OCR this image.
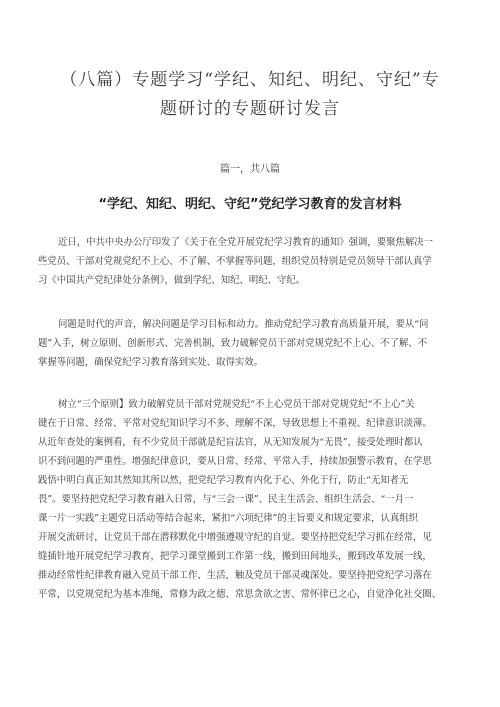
（八篇）专题学习“学纪、知纪、明纪、守纪”专
题研讨的专题研讨发言
篇一，共八篇
“学纪、知纪、明纪、守纪”党纪学习教育的发言材料
近日，中共中央办公厅印发了《关于在全党开展党纪学习教育的通知》强调，要聚焦解决一
些党员、干部对党规党纪不上心、不了解、不掌握等问题，组织党员特别是党员领导干部认真学
习《中国共产党纪律处分条例》，做到学纪、知纪、明纪、守纪。
问题是时代的声音，解决问题是学习目标和动力。推动党纪学习教育高质量开展，要从“问
题”入手，树立原则、创新形式、完善机制，致力破解党员干部对党规党纪不上心、不了解、不
掌握等问题，确保党纪学习教育落到实处、取得实效。
树立“三个原则】致力破解党员干部对党规党纪“不上心党员干部对党规党纪“不上心”关
键在于日常、经常、平常对党纪知识学习不多、理解不深，导致思想上不重视、纪律意识淡薄。
从近年查处的案例看，有不少党员干部就是纪盲法官，从无知发展为“无畏”，接受处理时都认
识不到问题的严重性。增强纪律意识，要从日常、经常、平常入手，持续加强警示教育，在学思
践悟中明白真正知其然知其所以然，把党纪学习教育内化于心、外化于行，防止“无知者无
畏”。要坚持把党纪学习教育融入日常，与“三会一课”、民主生活会、组织生活会、“一月一
课一片一实践”主题党日活动等结合起来，紧扣“六项纪律”的主旨要义和规定要求，认真组织
开展交流研讨，让党员干部在潜移默化中增强遵规守纪的自觉。要坚持把党纪学习抓在经常，见
缝插针地开展党纪学习教育，把学习课堂搬到工作第一线，搬到田间地头，搬到改革发展一线，
推动经常性纪律教育融入党员干部工作、生活，触及党员干部灵魂深处。要坚持把党纪学习落在
平常，以党规党纪为基本准绳，常修为政之德、常思贪欲之害、常怀律已之心，自觉净化社交圈、
